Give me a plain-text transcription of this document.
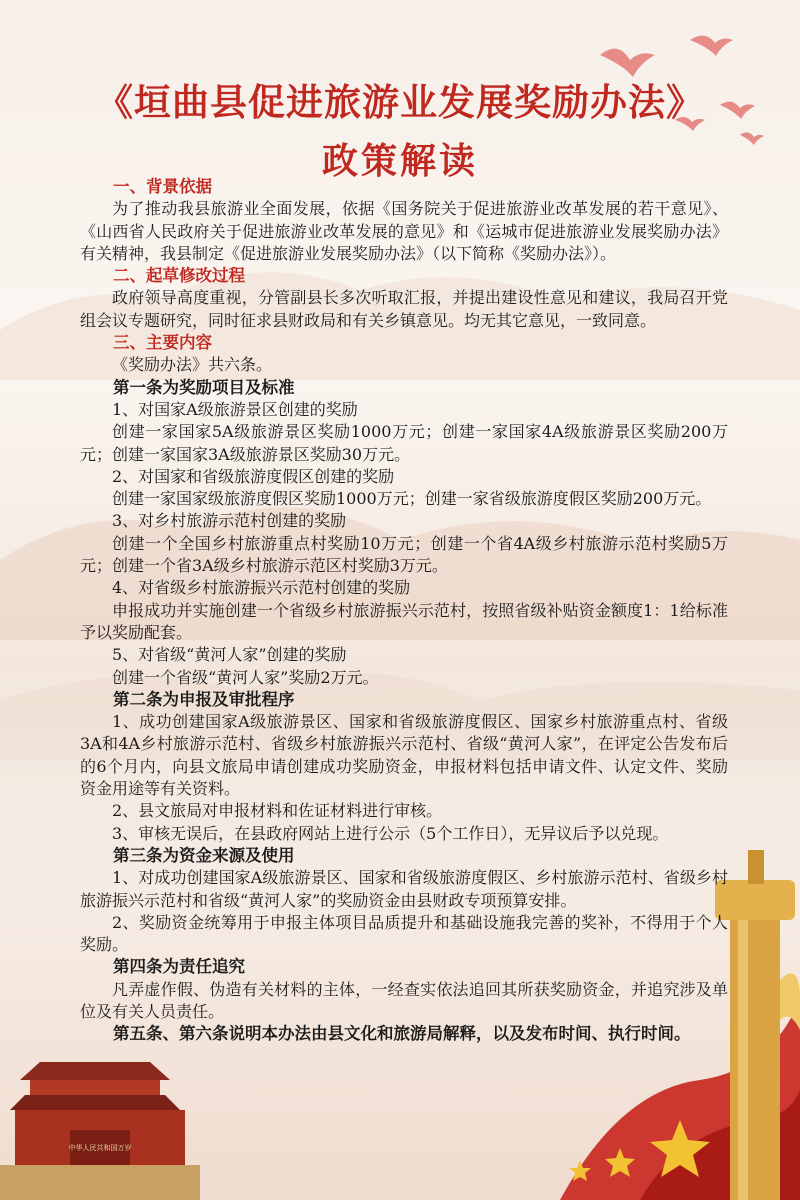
中华人民共和国万岁
《垣曲县促进旅游业发展奖励办法》
政策解读

一、背景依据

为了推动我县旅游业全面发展，依据《国务院关于促进旅游业改革发展的若干意见》、《山西省人民政府关于促进旅游业改革发展的意见》和《运城市促进旅游业发展奖励办法》有关精神，我县制定《促进旅游业发展奖励办法》（以下简称《奖励办法》）。

二、起草修改过程

政府领导高度重视，分管副县长多次听取汇报，并提出建设性意见和建议，我局召开党组会议专题研究，同时征求县财政局和有关乡镇意见。均无其它意见，一致同意。

三、主要内容

《奖励办法》共六条。

第一条为奖励项目及标准

1、对国家A级旅游景区创建的奖励

创建一家国家5A级旅游景区奖励1000万元；创建一家国家4A级旅游景区奖励200万元；创建一家国家3A级旅游景区奖励30万元。

2、对国家和省级旅游度假区创建的奖励

创建一家国家级旅游度假区奖励1000万元；创建一家省级旅游度假区奖励200万元。

3、对乡村旅游示范村创建的奖励

创建一个全国乡村旅游重点村奖励10万元；创建一个省4A级乡村旅游示范村奖励5万元；创建一个省3A级乡村旅游示范区村奖励3万元。

4、对省级乡村旅游振兴示范村创建的奖励

申报成功并实施创建一个省级乡村旅游振兴示范村，按照省级补贴资金额度1：1给标准予以奖励配套。

5、对省级“黄河人家”创建的奖励

创建一个省级“黄河人家”奖励2万元。

第二条为申报及审批程序

1、成功创建国家A级旅游景区、国家和省级旅游度假区、国家乡村旅游重点村、省级3A和4A乡村旅游示范村、省级乡村旅游振兴示范村、省级“黄河人家”，在评定公告发布后的6个月内，向县文旅局申请创建成功奖励资金，申报材料包括申请文件、认定文件、奖励资金用途等有关资料。

2、县文旅局对申报材料和佐证材料进行审核。

3、审核无误后，在县政府网站上进行公示（5个工作日），无异议后予以兑现。

第三条为资金来源及使用

1、对成功创建国家A级旅游景区、国家和省级旅游度假区、乡村旅游示范村、省级乡村旅游振兴示范村和省级“黄河人家”的奖励资金由县财政专项预算安排。

2、奖励资金统筹用于申报主体项目品质提升和基础设施我完善的奖补，不得用于个人奖励。

第四条为责任追究

凡弄虚作假、伪造有关材料的主体，一经查实依法追回其所获奖励资金，并追究涉及单位及有关人员责任。

第五条、第六条说明本办法由县文化和旅游局解释，以及发布时间、执行时间。
